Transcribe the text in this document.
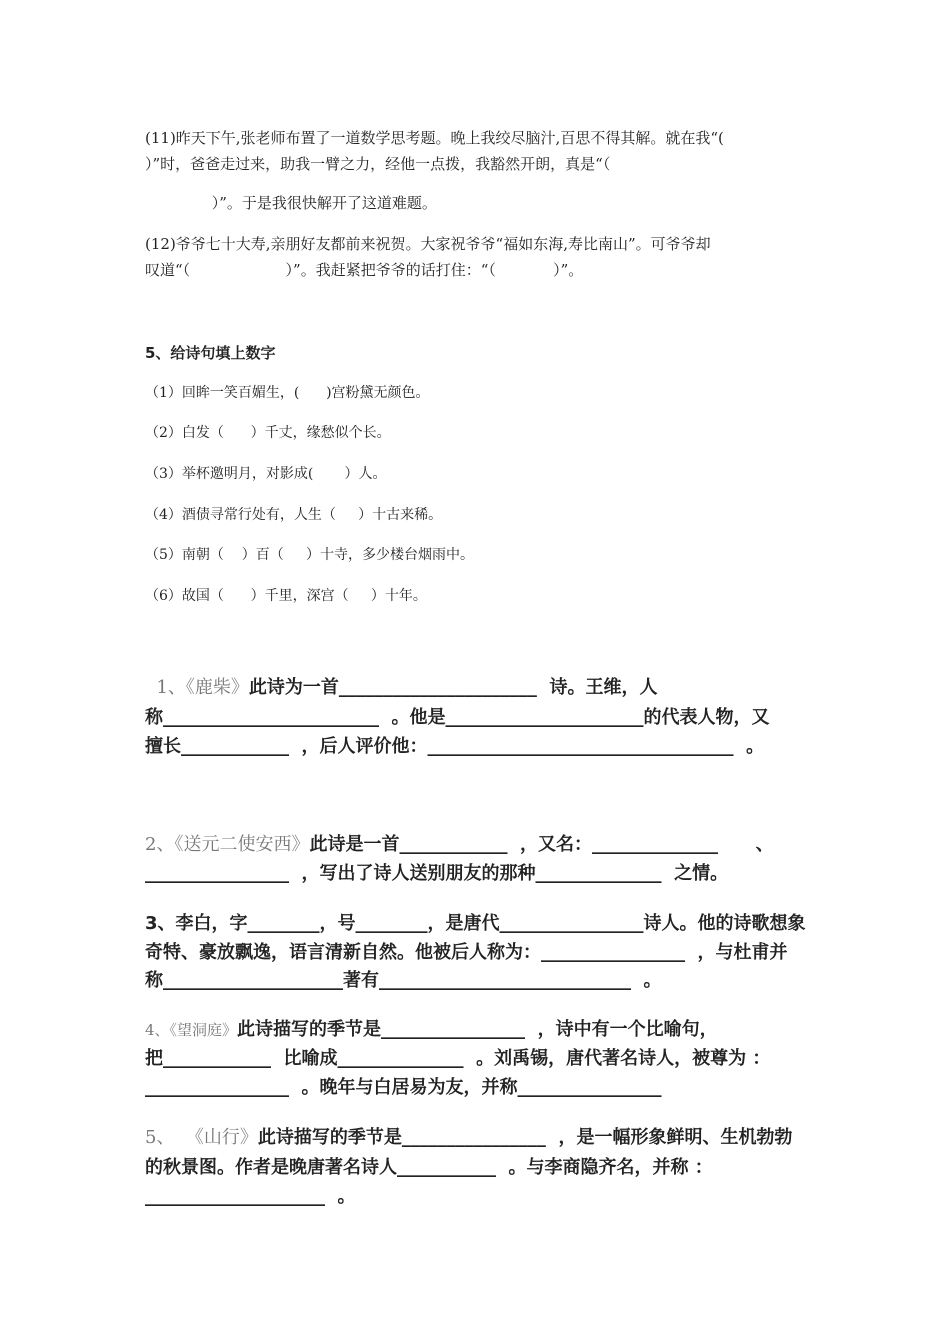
(11)昨天下午,张老师布置了一道数学思考题。晚上我绞尽脑汁,百思不得其解。就在我“(
）”时，爸爸走过来，助我一臂之力，经他一点拨，我豁然开朗，真是“（
）”。于是我很快解开了这道难题。
(12)爷爷七十大寿,亲朋好友都前来祝贺。大家祝爷爷“福如东海,寿比南山”。可爷爷却
叹道“（                    ）”。我赶紧把爷爷的话打住：“（            ）”。
5、给诗句填上数字
（1）回眸一笑百媚生，(      )宫粉黛无颜色。
（2）白发（      ）千丈，缘愁似个长。
（3）举杯邀明月，对影成(       ）人。
（4）酒债寻常行处有，人生（     ）十古来稀。
（5）南朝（    ）百（     ）十寺，多少楼台烟雨中。
（6）故国（      ）千里，深宫（     ）十年。
1、《鹿柴》此诗为一首______________________  诗。王维，人
称________________________  。他是______________________的代表人物，又
擅长____________  ，后人评价他：__________________________________  。
2、《送元二使安西》此诗是一首____________  ，又名：______________      、
________________  ，写出了诗人送别朋友的那种______________  之情。
3、李白，字________，号________，是唐代________________诗人。他的诗歌想象
奇特、豪放飘逸，语言清新自然。他被后人称为：________________  ，与杜甫并
称____________________著有____________________________  。
4、《望洞庭》此诗描写的季节是________________  ，诗中有一个比喻句，
把____________  比喻成______________  。刘禹锡，唐代著名诗人，被尊为 ：
________________  。晚年与白居易为友，并称________________
5、  《山行》此诗描写的季节是________________  ，是一幅形象鲜明、生机勃勃
的秋景图。作者是晚唐著名诗人___________  。与李商隐齐名，并称 ：
____________________  。
